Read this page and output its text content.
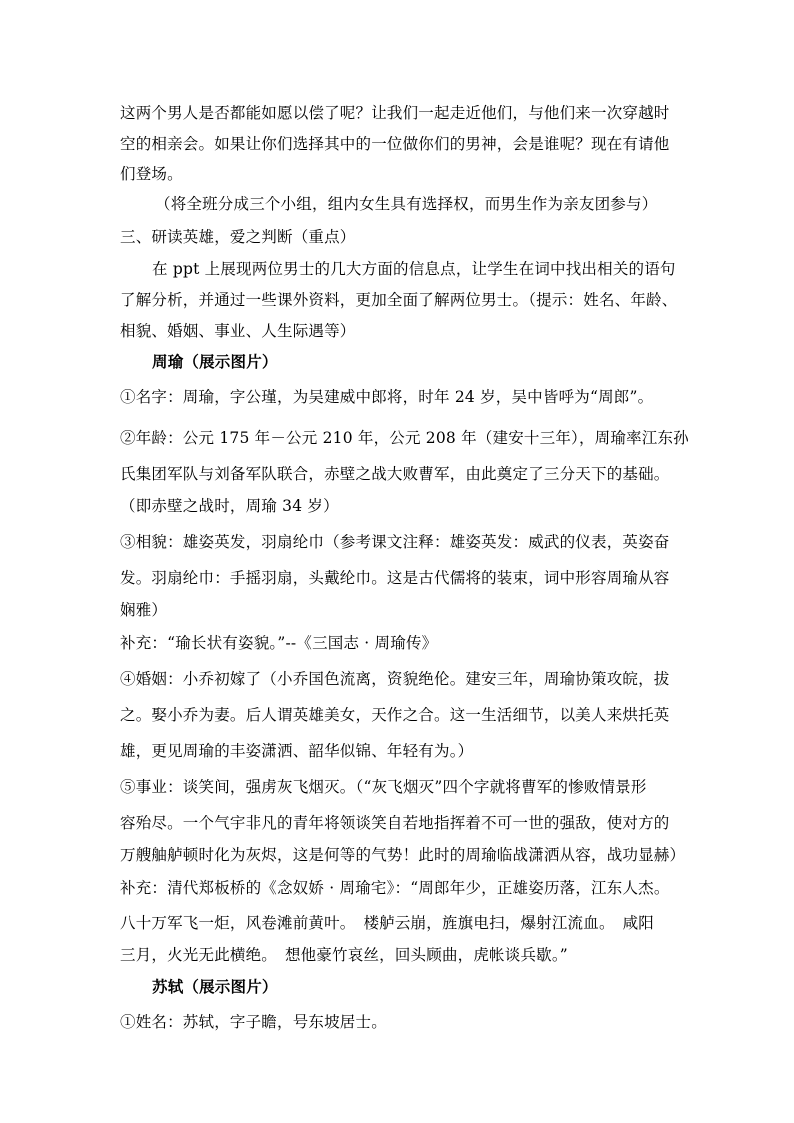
这两个男人是否都能如愿以偿了呢？让我们一起走近他们，与他们来一次穿越时
空的相亲会。如果让你们选择其中的一位做你们的男神，会是谁呢？现在有请他
们登场。
（将全班分成三个小组，组内女生具有选择权，而男生作为亲友团参与）
三、研读英雄，爱之判断（重点）
在 ppt 上展现两位男士的几大方面的信息点，让学生在词中找出相关的语句
了解分析，并通过一些课外资料，更加全面了解两位男士。（提示：姓名、年龄、
相貌、婚姻、事业、人生际遇等）
周瑜（展示图片）
①名字：周瑜，字公瑾，为吴建威中郎将，时年 24 岁，吴中皆呼为“周郎”。
②年龄：公元 175 年－公元 210 年，公元 208 年（建安十三年），周瑜率江东孙
氏集团军队与刘备军队联合，赤壁之战大败曹军，由此奠定了三分天下的基础。
（即赤壁之战时，周瑜 34 岁）
③相貌：雄姿英发，羽扇纶巾（参考课文注释：雄姿英发：威武的仪表，英姿奋
发。羽扇纶巾：手摇羽扇，头戴纶巾。这是古代儒将的装束，词中形容周瑜从容
娴雅）
补充：“瑜长状有姿貌。”--《三国志 · 周瑜传》
④婚姻：小乔初嫁了（小乔国色流离，资貌绝伦。建安三年，周瑜协策攻皖，拔
之。娶小乔为妻。后人谓英雄美女，天作之合。这一生活细节，以美人来烘托英
雄，更见周瑜的丰姿潇洒、韶华似锦、年轻有为。）
⑤事业：谈笑间，强虏灰飞烟灭。（“灰飞烟灭”四个字就将曹军的惨败情景形
容殆尽。一个气宇非凡的青年将领谈笑自若地指挥着不可一世的强敌，使对方的
万艘舳舻顿时化为灰烬，这是何等的气势！此时的周瑜临战潇洒从容，战功显赫）
补充：清代郑板桥的《念奴娇 · 周瑜宅》：“周郎年少，正雄姿历落，江东人杰。
八十万军飞一炬，风卷滩前黄叶。　楼舻云崩，旌旗电扫，爆射江流血。　咸阳
三月，火光无此横绝。　想他豪竹哀丝，回头顾曲，虎帐谈兵歇。”
苏轼（展示图片）
①姓名：苏轼，字子瞻，号东坡居士。
